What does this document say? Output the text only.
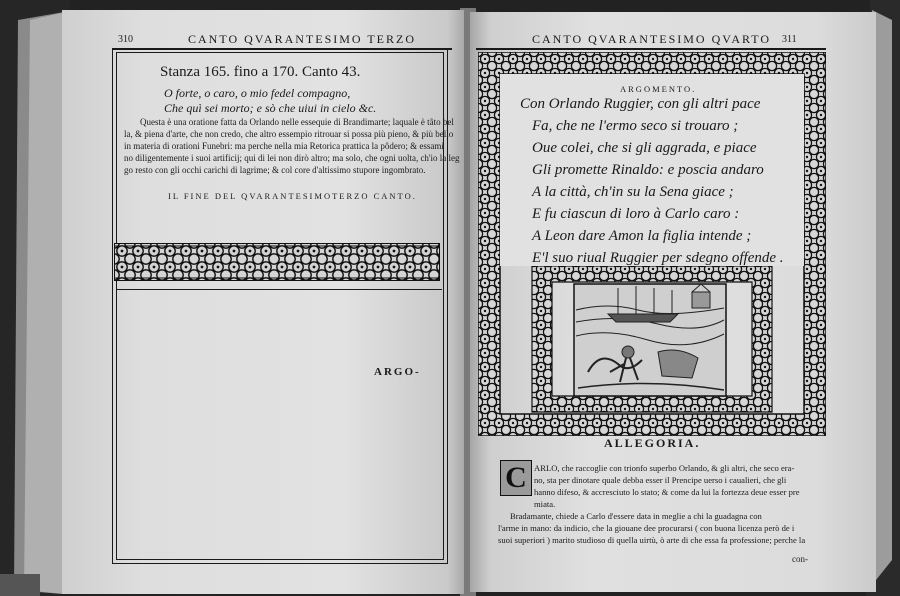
310	CANTO QVARANTESIMO TERZO
Stanza 165. fino a 170. Canto 43.
O forte, o caro, o mio fedel compagno,
Che quì sei morto; e sò che uiui in cielo &c.
Questa è una oratione fatta da Orlando nelle essequie di Brandimarte; laquale è tãto bel
la, & piena d'arte, che non credo, che altro essempio ritrouar si possa più pieno, & più bello
in materia di orationi Funebri: ma perche nella mia Retorica prattica la pôdero; & essami
no diligentemente i suoi artificij; qui di lei non dirò altro; ma solo, che ogni uolta, ch'io la leg
go resto con gli occhi carichi di lagrime; & col core d'altissimo stupore ingombrato.
IL FINE DEL QVARANTESIMOTERZO CANTO.
ARGO-
CANTO QVARANTESIMO QVARTO 311
ARGOMENTO.
Con Orlando Ruggier, con gli altri pace
Fa, che ne l'ermo seco si trouaro ;
Oue colei, che si gli aggrada, e piace
Gli promette Rinaldo: e poscia andaro
A la città, ch'in su la Sena giace ;
E fu ciascun di loro à Carlo caro :
A Leon dare Amon la figlia intende ;
E'l suo riual Ruggier per sdegno offende .
ALLEGORIA.
C ARLO, che raccoglie con trionfo superbo Orlando, & gli altri, che seco era-
no, sta per dinotare quale debba esser il Prencipe uerso i caualieri, che gli
hanno difeso, & accresciuto lo stato; & come da lui la fortezza deue esser pre
miata.
Bradamante, chiede a Carlo d'essere data in meglie a chi la guadagna con
l'arme in mano: da indicio, che la giouane dee procurarsi ( con buona licenza però de i
suoi superiori ) marito studioso di quella uirtù, ò arte di che essa fa professione; perche la
con-
